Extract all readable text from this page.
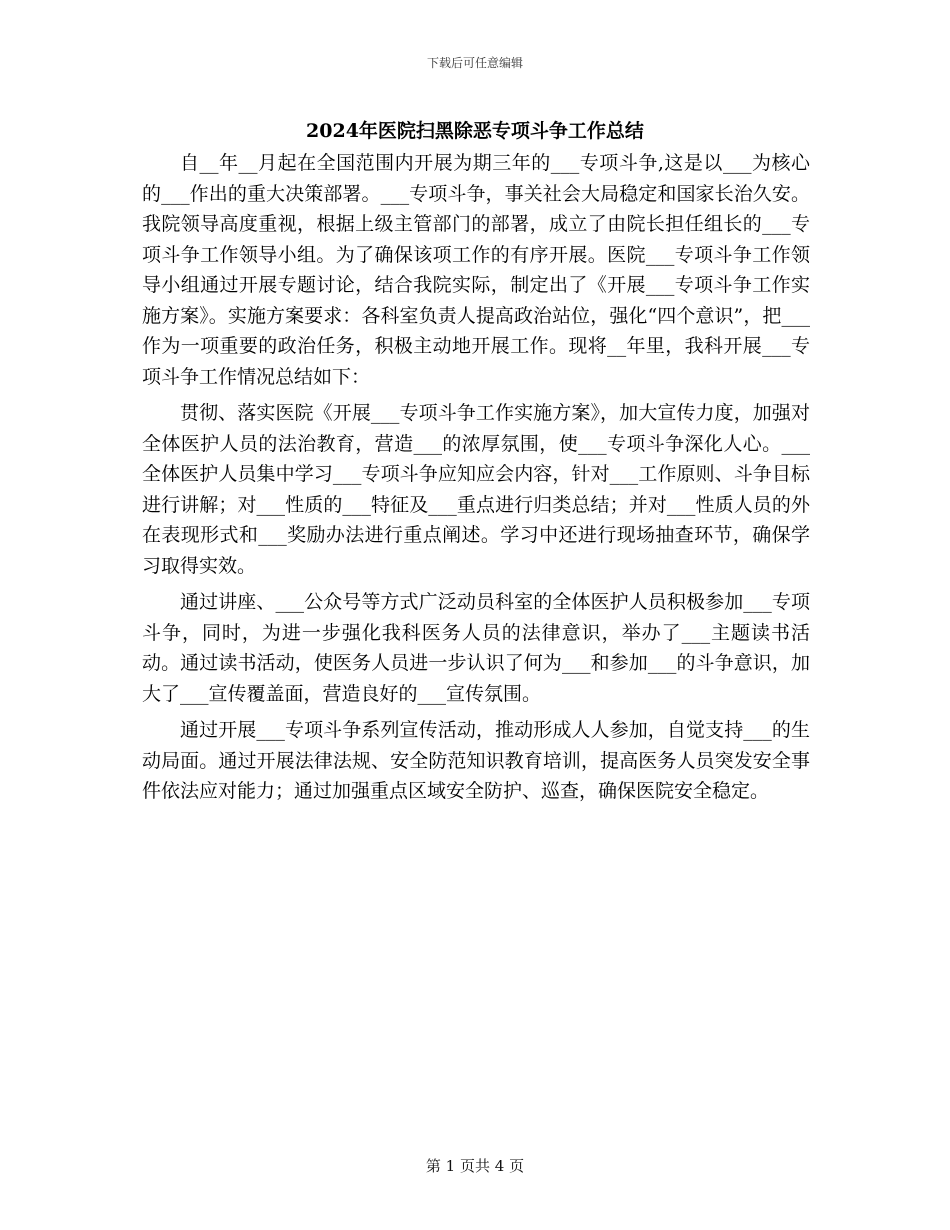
下载后可任意编辑
2024年医院扫黑除恶专项斗争工作总结

自__年__月起在全国范围内开展为期三年的___专项斗争,这是以___为核心的___作出的重大决策部署。___专项斗争，事关社会大局稳定和国家长治久安。我院领导高度重视，根据上级主管部门的部署，成立了由院长担任组长的___专项斗争工作领导小组。为了确保该项工作的有序开展。医院___专项斗争工作领导小组通过开展专题讨论，结合我院实际，制定出了《开展___专项斗争工作实施方案》。实施方案要求：各科室负责人提高政治站位，强化“四个意识”，把___作为一项重要的政治任务，积极主动地开展工作。现将__年里，我科开展___专项斗争工作情况总结如下：

贯彻、落实医院《开展___专项斗争工作实施方案》，加大宣传力度，加强对全体医护人员的法治教育，营造___的浓厚氛围，使___专项斗争深化人心。___全体医护人员集中学习___专项斗争应知应会内容，针对___工作原则、斗争目标进行讲解；对___性质的___特征及___重点进行归类总结；并对___性质人员的外在表现形式和___奖励办法进行重点阐述。学习中还进行现场抽查环节，确保学习取得实效。

通过讲座、___公众号等方式广泛动员科室的全体医护人员积极参加___专项斗争，同时，为进一步强化我科医务人员的法律意识，举办了___主题读书活动。通过读书活动，使医务人员进一步认识了何为___和参加___的斗争意识，加大了___宣传覆盖面，营造良好的___宣传氛围。

通过开展___专项斗争系列宣传活动，推动形成人人参加，自觉支持___的生动局面。通过开展法律法规、安全防范知识教育培训，提高医务人员突发安全事件依法应对能力；通过加强重点区域安全防护、巡查，确保医院安全稳定。

第 1 页共 4 页
